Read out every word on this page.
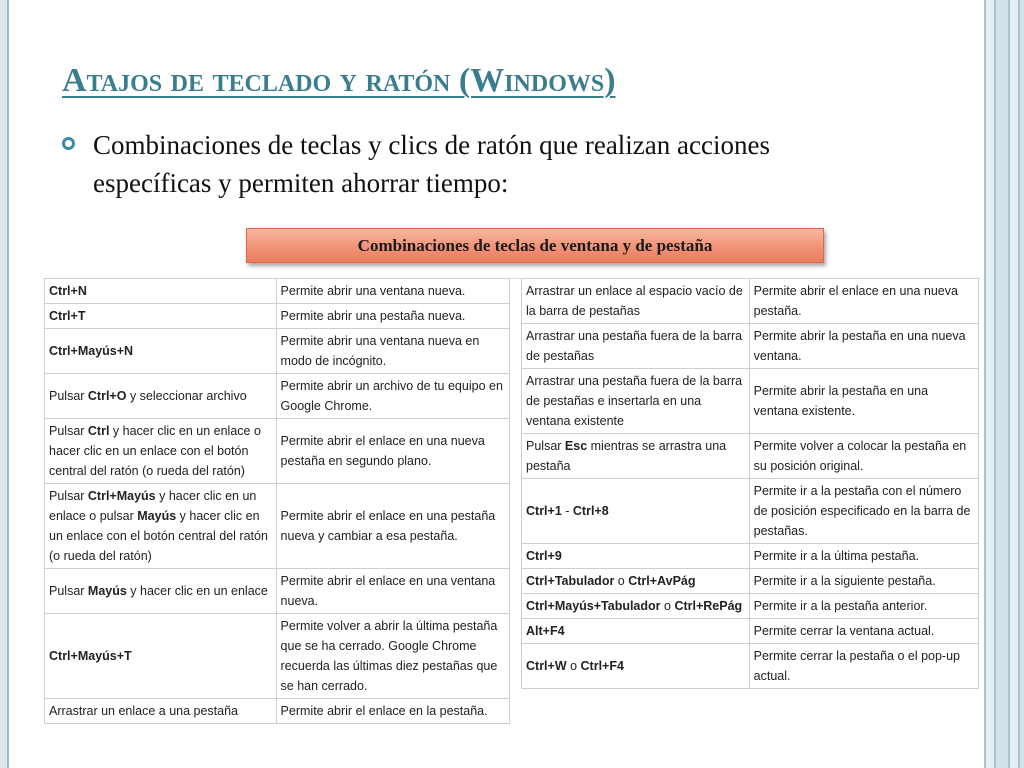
Atajos de teclado y ratón (Windows)
Combinaciones de teclas y clics de ratón que realizan acciones específicas y permiten ahorrar tiempo:
Combinaciones de teclas de ventana y de pestaña
Ctrl+N	Permite abrir una ventana nueva.
Ctrl+T	Permite abrir una pestaña nueva.
Ctrl+Mayús+N	Permite abrir una ventana nueva en modo de incógnito.
Pulsar Ctrl+O y seleccionar archivo	Permite abrir un archivo de tu equipo en Google Chrome.
Pulsar Ctrl y hacer clic en un enlace o hacer clic en un enlace con el botón central del ratón (o rueda del ratón)	Permite abrir el enlace en una nueva pestaña en segundo plano.
Pulsar Ctrl+Mayús y hacer clic en un enlace o pulsar Mayús y hacer clic en un enlace con el botón central del ratón (o rueda del ratón)	Permite abrir el enlace en una pestaña nueva y cambiar a esa pestaña.
Pulsar Mayús y hacer clic en un enlace	Permite abrir el enlace en una ventana nueva.
Ctrl+Mayús+T	Permite volver a abrir la última pestaña que se ha cerrado. Google Chrome recuerda las últimas diez pestañas que se han cerrado.
Arrastrar un enlace a una pestaña	Permite abrir el enlace en la pestaña.
Arrastrar un enlace al espacio vacío de la barra de pestañas	Permite abrir el enlace en una nueva pestaña.
Arrastrar una pestaña fuera de la barra de pestañas	Permite abrir la pestaña en una nueva ventana.
Arrastrar una pestaña fuera de la barra de pestañas e insertarla en una ventana existente	Permite abrir la pestaña en una ventana existente.
Pulsar Esc mientras se arrastra una pestaña	Permite volver a colocar la pestaña en su posición original.
Ctrl+1 - Ctrl+8	Permite ir a la pestaña con el número de posición especificado en la barra de pestañas.
Ctrl+9	Permite ir a la última pestaña.
Ctrl+Tabulador o Ctrl+AvPág	Permite ir a la siguiente pestaña.
Ctrl+Mayús+Tabulador o Ctrl+RePág	Permite ir a la pestaña anterior.
Alt+F4	Permite cerrar la ventana actual.
Ctrl+W o Ctrl+F4	Permite cerrar la pestaña o el pop-up actual.
